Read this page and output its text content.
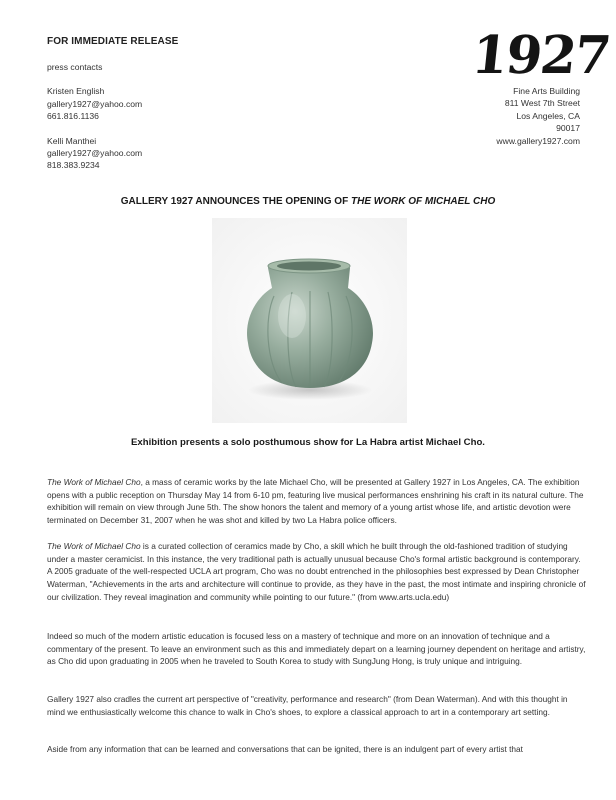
FOR IMMEDIATE RELEASE
press contacts
Kristen English
gallery1927@yahoo.com
661.816.1136
Kelli Manthei
gallery1927@yahoo.com
818.383.9234
1927
Fine Arts Building
811 West 7th Street
Los Angeles, CA
90017
www.gallery1927.com
GALLERY 1927 ANNOUNCES THE OPENING OF THE WORK OF MICHAEL CHO
Exhibition presents a solo posthumous show for La Habra artist Michael Cho.
The Work of Michael Cho, a mass of ceramic works by the late Michael Cho, will be presented at Gallery 1927 in Los Angeles, CA. The exhibition opens with a public reception on Thursday May 14 from 6-10 pm, featuring live musical performances enshrining his craft in its natural culture. The exhibition will remain on view through June 5th. The show honors the talent and memory of a young artist whose life, and artistic devotion were terminated on December 31, 2007 when he was shot and killed by two La Habra police officers.
The Work of Michael Cho is a curated collection of ceramics made by Cho, a skill which he built through the old-fashioned tradition of studying under a master ceramicist. In this instance, the very traditional path is actually unusual because Cho's formal artistic background is contemporary. A 2005 graduate of the well-respected UCLA art program, Cho was no doubt entrenched in the philosophies best expressed by Dean Christopher Waterman, "Achievements in the arts and architecture will continue to provide, as they have in the past, the most intimate and inspiring chronicle of our civilization. They reveal imagination and community while pointing to our future." (from www.arts.ucla.edu)
Indeed so much of the modern artistic education is focused less on a mastery of technique and more on an innovation of technique and a commentary of the present. To leave an environment such as this and immediately depart on a learning journey dependent on heritage and artistry, as Cho did upon graduating in 2005 when he traveled to South Korea to study with SungJung Hong, is truly unique and intriguing.
Gallery 1927 also cradles the current art perspective of "creativity, performance and research" (from Dean Waterman). And with this thought in mind we enthusiastically welcome this chance to walk in Cho's shoes, to explore a classical approach to art in a contemporary art setting.
Aside from any information that can be learned and conversations that can be ignited, there is an indulgent part of every artist that
